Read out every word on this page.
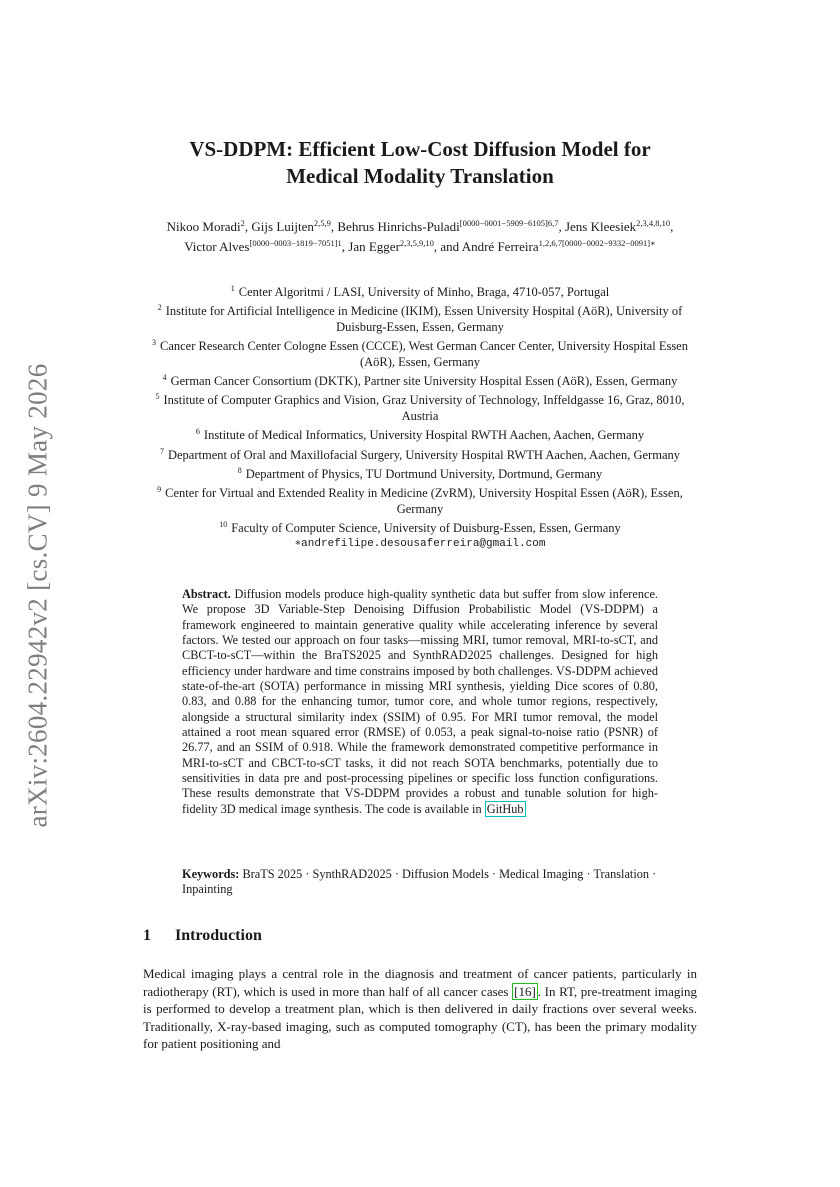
arXiv:2604.22942v2 [cs.CV] 9 May 2026
VS-DDPM: Efficient Low-Cost Diffusion Model for
Medical Modality Translation
Nikoo Moradi$^2$, Gijs Luijten$^{2,5,9}$, Behrus Hinrichs-Puladi$^{[0000-0001-5909-6105]6,7}$, Jens Kleesiek$^{2,3,4,8,10}$, Victor Alves$^{[0000-0003-1819-7051]1}$, Jan Egger$^{2,3,5,9,10}$, and André Ferreira$^{1,2,6,7[0000-0002-9332-0091]∗}$
$^1$ Center Algoritmi / LASI, University of Minho, Braga, 4710-057, Portugal
$^2$ Institute for Artificial Intelligence in Medicine (IKIM), Essen University Hospital (AöR), University of Duisburg-Essen, Essen, Germany
$^3$ Cancer Research Center Cologne Essen (CCCE), West German Cancer Center, University Hospital Essen (AöR), Essen, Germany
$^4$ German Cancer Consortium (DKTK), Partner site University Hospital Essen (AöR), Essen, Germany
$^5$ Institute of Computer Graphics and Vision, Graz University of Technology, Inffeldgasse 16, Graz, 8010, Austria
$^6$ Institute of Medical Informatics, University Hospital RWTH Aachen, Aachen, Germany
$^7$ Department of Oral and Maxillofacial Surgery, University Hospital RWTH Aachen, Aachen, Germany
$^8$ Department of Physics, TU Dortmund University, Dortmund, Germany
$^9$ Center for Virtual and Extended Reality in Medicine (ZvRM), University Hospital Essen (AöR), Essen, Germany
$^{10}$ Faculty of Computer Science, University of Duisburg-Essen, Essen, Germany
∗andrefilipe.desousaferreira@gmail.com
Abstract. Diffusion models produce high-quality synthetic data but suffer from slow inference. We propose 3D Variable-Step Denoising Diffusion Probabilistic Model (VS-DDPM) a framework engineered to maintain generative quality while accelerating inference by several factors. We tested our approach on four tasks—missing MRI, tumor removal, MRI-to-sCT, and CBCT-to-sCT—within the BraTS2025 and SynthRAD2025 challenges. Designed for high efficiency under hardware and time constrains imposed by both challenges. VS-DDPM achieved state-of-the-art (SOTA) performance in missing MRI synthesis, yielding Dice scores of 0.80, 0.83, and 0.88 for the enhancing tumor, tumor core, and whole tumor regions, respectively, alongside a structural similarity index (SSIM) of 0.95. For MRI tumor removal, the model attained a root mean squared error (RMSE) of 0.053, a peak signal-to-noise ratio (PSNR) of 26.77, and an SSIM of 0.918. While the framework demonstrated competitive performance in MRI-to-sCT and CBCT-to-sCT tasks, it did not reach SOTA benchmarks, potentially due to sensitivities in data pre and post-processing pipelines or specific loss function configurations. These results demonstrate that VS-DDPM provides a robust and tunable solution for high-fidelity 3D medical image synthesis. The code is available in GitHub
Keywords: BraTS 2025 · SynthRAD2025 · Diffusion Models · Medical Imaging · Translation · Inpainting
1 Introduction
Medical imaging plays a central role in the diagnosis and treatment of cancer patients, particularly in radiotherapy (RT), which is used in more than half of all cancer cases [16] . In RT, pre-treatment imaging is performed to develop a treatment plan, which is then delivered in daily fractions over several weeks. Traditionally, X-ray-based imaging, such as computed tomography (CT), has been the primary modality for patient positioning and
